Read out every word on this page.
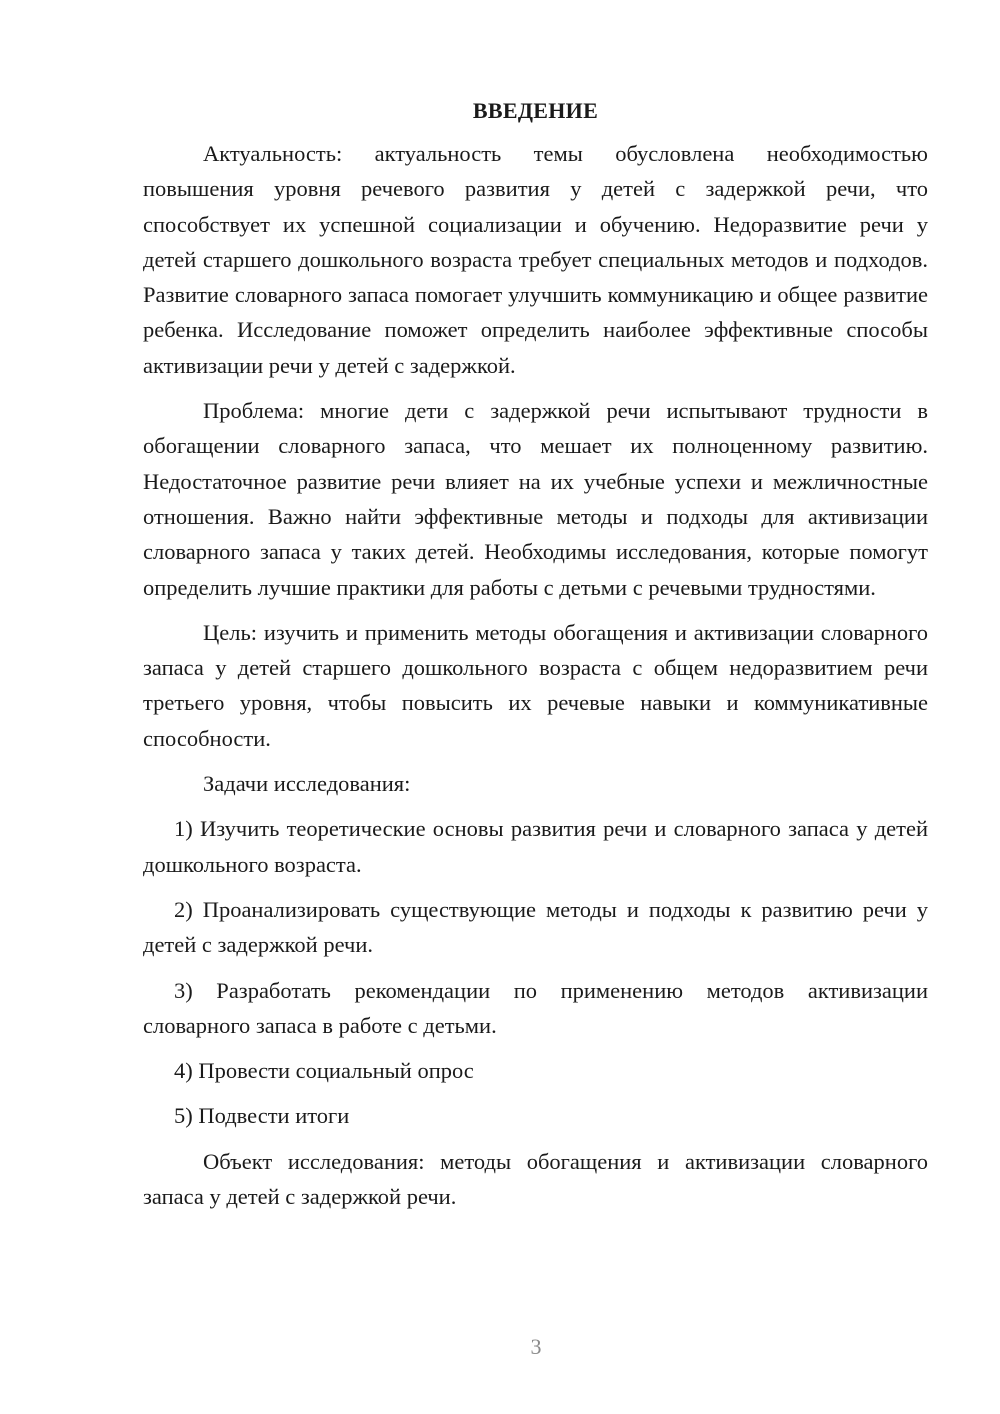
ВВЕДЕНИЕ

Актуальность: актуальность темы обусловлена необходимостью повышения уровня речевого развития у детей с задержкой речи, что способствует их успешной социализации и обучению. Недоразвитие речи у детей старшего дошкольного возраста требует специальных методов и подходов. Развитие словарного запаса помогает улучшить коммуникацию и общее развитие ребенка. Исследование поможет определить наиболее эффективные способы активизации речи у детей с задержкой.

Проблема: многие дети с задержкой речи испытывают трудности в обогащении словарного запаса, что мешает их полноценному развитию. Недостаточное развитие речи влияет на их учебные успехи и межличностные отношения. Важно найти эффективные методы и подходы для активизации словарного запаса у таких детей. Необходимы исследования, которые помогут определить лучшие практики для работы с детьми с речевыми трудностями.

Цель: изучить и применить методы обогащения и активизации словарного запаса у детей старшего дошкольного возраста с общем недоразвитием речи третьего уровня, чтобы повысить их речевые навыки и коммуникативные способности.

Задачи исследования:

1) Изучить теоретические основы развития речи и словарного запаса у детей дошкольного возраста.

2) Проанализировать существующие методы и подходы к развитию речи у детей с задержкой речи.

3) Разработать рекомендации по применению методов активизации словарного запаса в работе с детьми.

4) Провести социальный опрос

5) Подвести итоги

Объект исследования: методы обогащения и активизации словарного запаса у детей с задержкой речи.

3
